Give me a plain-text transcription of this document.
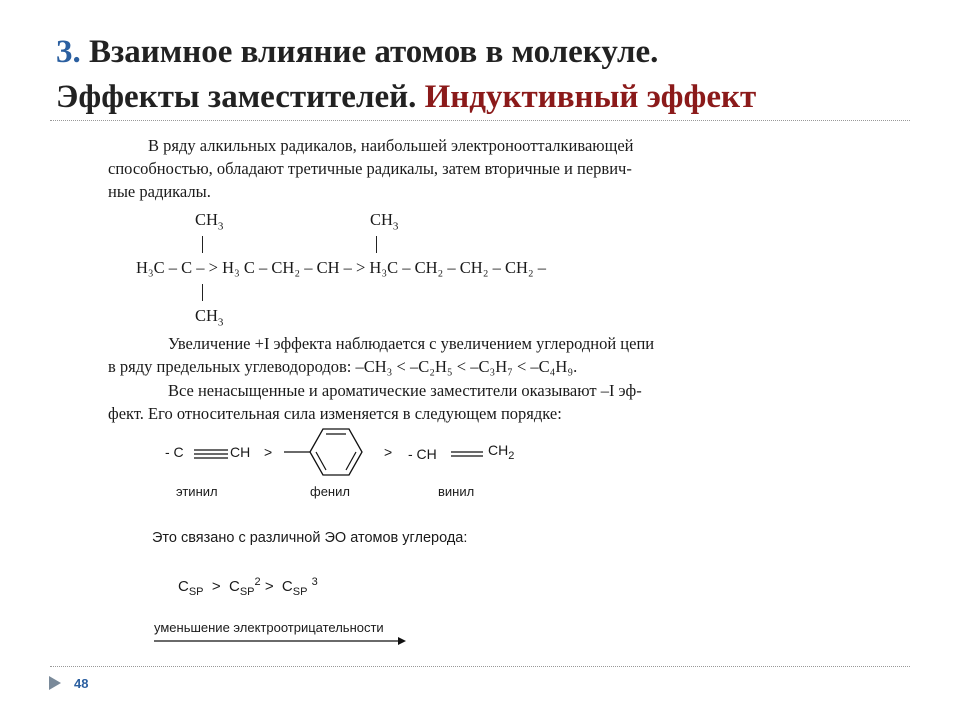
3. Взаимное влияние атомов в молекуле.
Эффекты заместителей. Индуктивный эффект
В ряду алкильных радикалов, наибольшей электроноотталкивающей
способностью, обладают третичные радикалы, затем вторичные и первич-
ные радикалы.
$CH_3$	$CH_3$
H₃C – C – > H₃ C – CH₂ – CH – > H₃C – CH₂ – CH₂ – CH₂ –
$CH_3$
Увеличение +I эффекта наблюдается с увеличением углеродной цепи
в ряду предельных углеводородов: –CH₃ < –C₂H₅ < –C₃H₇ < –C₄H₉.
Все ненасыщенные и ароматические заместители оказывают –I эф-
фект. Его относительная сила изменяется в следующем порядке:
- C	CH >	> - CH	$CH_2$
этинил	фенил	винил
Это связано с различной ЭО атомов углерода:
$C_{SP} > C_{SP}^2 > C_{SP}$ $^3$
уменьшение электроотрицательности
48
